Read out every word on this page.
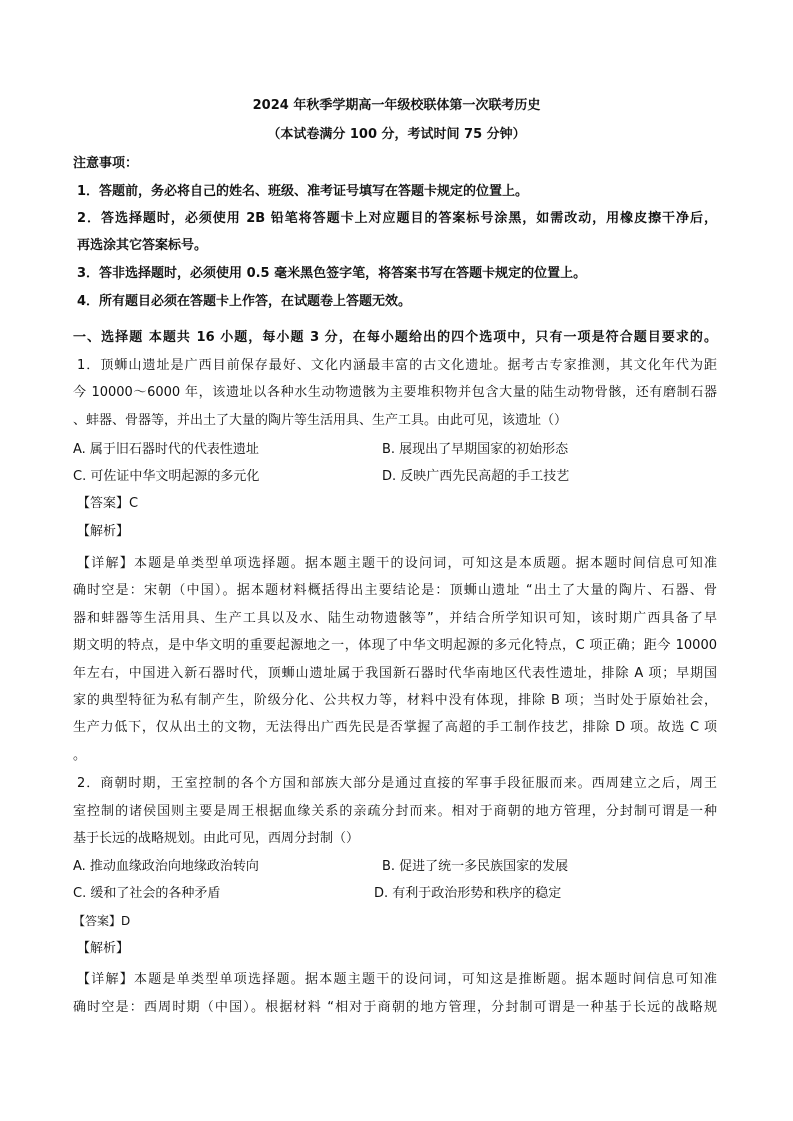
2024 年秋季学期高一年级校联体第一次联考历史
（本试卷满分 100 分，考试时间 75 分钟）
注意事项：
1．答题前，务必将自己的姓名、班级、准考证号填写在答题卡规定的位置上。
2．答选择题时，必须使用 2B 铅笔将答题卡上对应题目的答案标号涂黑，如需改动，用橡皮擦干净后，
再选涂其它答案标号。
3．答非选择题时，必须使用 0.5 毫米黑色签字笔，将答案书写在答题卡规定的位置上。
4．所有题目必须在答题卡上作答，在试题卷上答题无效。
一、选择题 本题共 16 小题，每小题 3 分，在每小题给出的四个选项中，只有一项是符合题目要求的。
1．顶蛳山遗址是广西目前保存最好、文化内涵最丰富的古文化遗址。据考古专家推测，其文化年代为距
今 10000～6000 年，该遗址以各种水生动物遗骸为主要堆积物并包含大量的陆生动物骨骸，还有磨制石器
、蚌器、骨器等，并出土了大量的陶片等生活用具、生产工具。由此可见，该遗址（）
A. 属于旧石器时代的代表性遗址	B. 展现出了早期国家的初始形态
C. 可佐证中华文明起源的多元化	D. 反映广西先民高超的手工技艺
【答案】C
【解析】
【详解】本题是单类型单项选择题。据本题主题干的设问词，可知这是本质题。据本题时间信息可知准
确时空是：宋朝（中国）。据本题材料概括得出主要结论是：顶蛳山遗址 “出土了大量的陶片、石器、骨
器和蚌器等生活用具、生产工具以及水、陆生动物遗骸等”，并结合所学知识可知，该时期广西具备了早
期文明的特点，是中华文明的重要起源地之一，体现了中华文明起源的多元化特点，C 项正确；距今 10000
年左右，中国进入新石器时代，顶蛳山遗址属于我国新石器时代华南地区代表性遗址，排除 A 项；早期国
家的典型特征为私有制产生，阶级分化、公共权力等，材料中没有体现，排除 B 项；当时处于原始社会，
生产力低下，仅从出土的文物，无法得出广西先民是否掌握了高超的手工制作技艺，排除 D 项。故选 C 项
。
2．商朝时期，王室控制的各个方国和部族大部分是通过直接的军事手段征服而来。西周建立之后，周王
室控制的诸侯国则主要是周王根据血缘关系的亲疏分封而来。相对于商朝的地方管理，分封制可谓是一种
基于长远的战略规划。由此可见，西周分封制（）
A. 推动血缘政治向地缘政治转向	B. 促进了统一多民族国家的发展
C. 缓和了社会的各种矛盾	D. 有利于政治形势和秩序的稳定
【答案】D
【解析】
【详解】本题是单类型单项选择题。据本题主题干的设问词，可知这是推断题。据本题时间信息可知准
确时空是：西周时期（中国）。根据材料 “相对于商朝的地方管理，分封制可谓是一种基于长远的战略规
